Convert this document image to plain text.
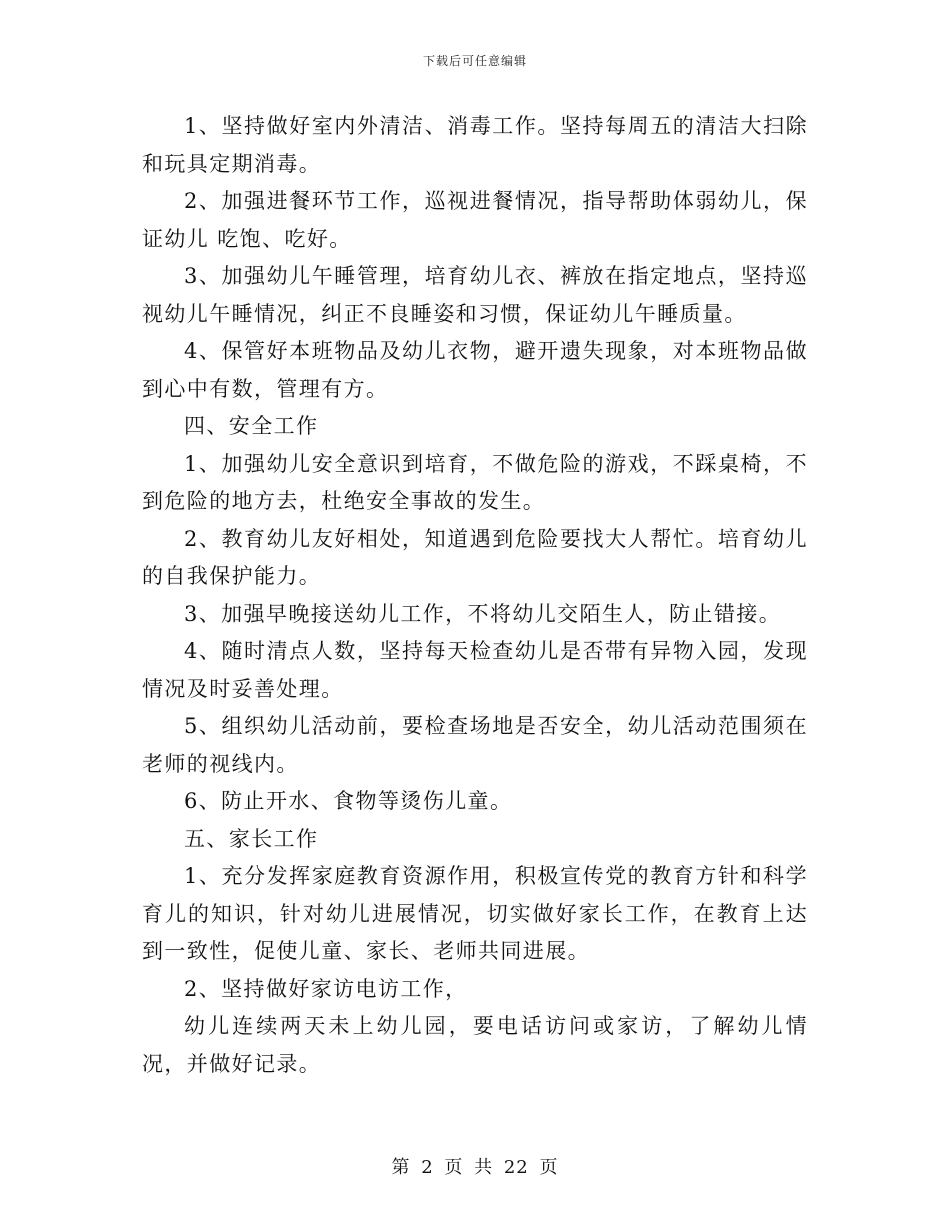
下载后可任意编辑

1、坚持做好室内外清洁、消毒工作。坚持每周五的清洁大扫除和玩具定期消毒。

2、加强进餐环节工作，巡视进餐情况，指导帮助体弱幼儿，保证幼儿 吃饱、吃好。

3、加强幼儿午睡管理，培育幼儿衣、裤放在指定地点，坚持巡视幼儿午睡情况，纠正不良睡姿和习惯，保证幼儿午睡质量。

4、保管好本班物品及幼儿衣物，避开遗失现象，对本班物品做到心中有数，管理有方。

四、安全工作

1、加强幼儿安全意识到培育，不做危险的游戏，不踩桌椅，不到危险的地方去，杜绝安全事故的发生。

2、教育幼儿友好相处，知道遇到危险要找大人帮忙。培育幼儿的自我保护能力。

3、加强早晚接送幼儿工作，不将幼儿交陌生人，防止错接。

4、随时清点人数，坚持每天检查幼儿是否带有异物入园，发现情况及时妥善处理。

5、组织幼儿活动前，要检查场地是否安全，幼儿活动范围须在老师的视线内。

6、防止开水、食物等烫伤儿童。

五、家长工作

1、充分发挥家庭教育资源作用，积极宣传党的教育方针和科学育儿的知识，针对幼儿进展情况，切实做好家长工作，在教育上达到一致性，促使儿童、家长、老师共同进展。

2、坚持做好家访电访工作，

幼儿连续两天未上幼儿园，要电话访问或家访，了解幼儿情况，并做好记录。

第 2 页 共 22 页
